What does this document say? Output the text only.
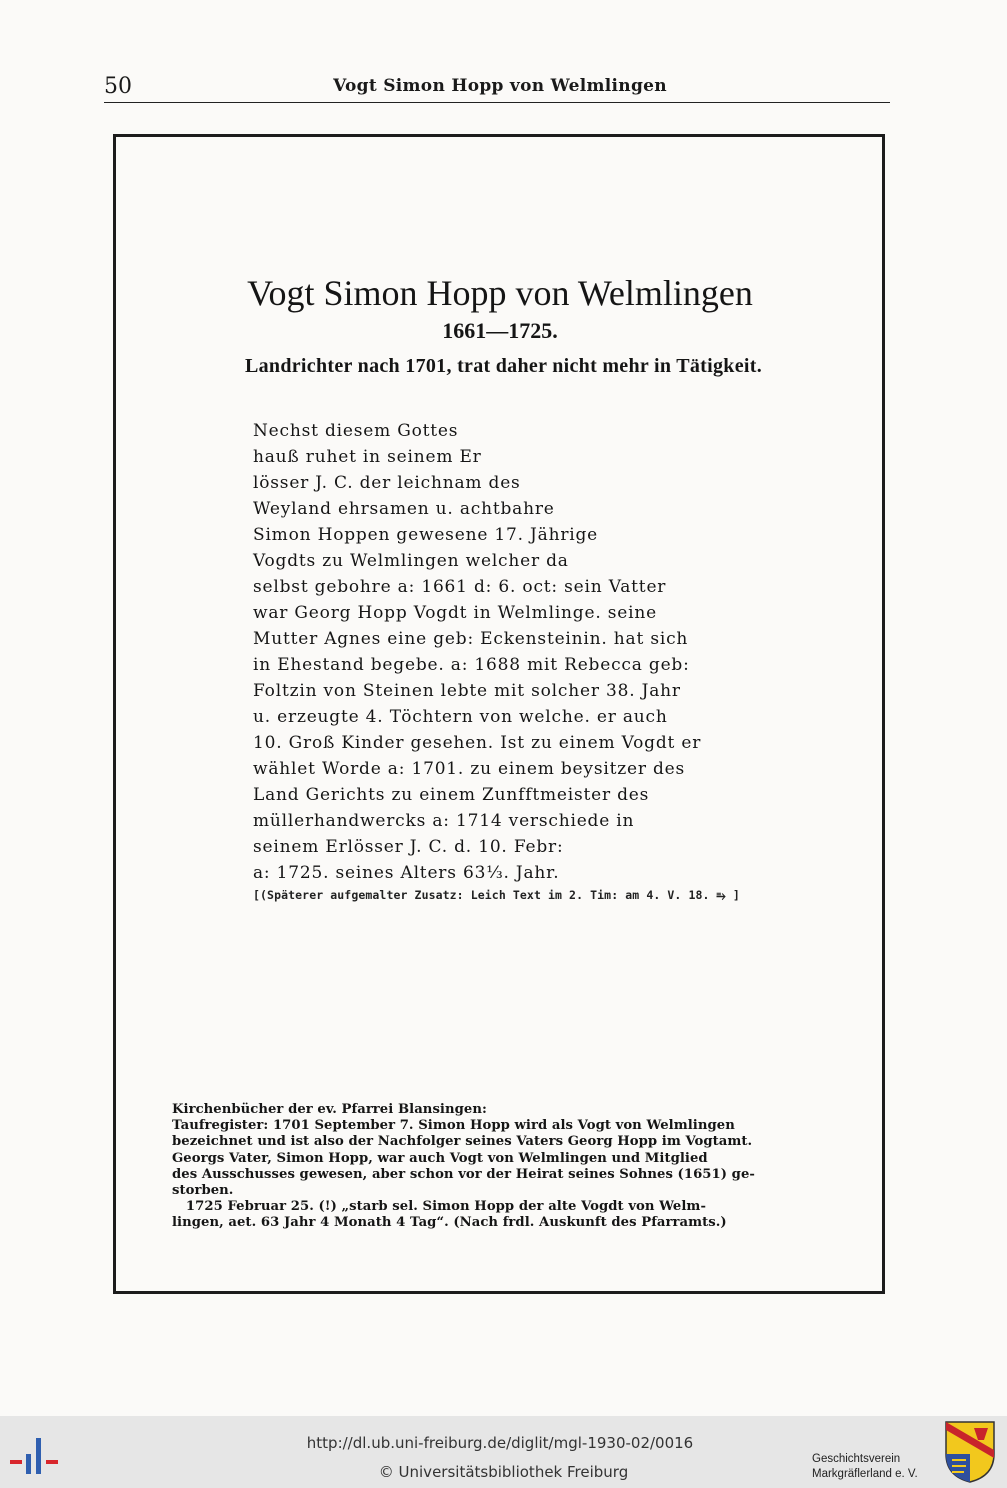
50	Vogt Simon Hopp von Welmlingen
Vogt Simon Hopp von Welmlingen
1661—1725.
Landrichter nach 1701, trat daher nicht mehr in Tätigkeit.
Nechst diesem Gottes
hauß ruhet in seinem Er
lösser J. C. der leichnam des
Weyland ehrsamen u. achtbahre
Simon Hoppen gewesene 17. Jährige
Vogdts zu Welmlingen welcher da
selbst gebohre a: 1661 d: 6. oct: sein Vatter
war Georg Hopp Vogdt in Welmlinge. seine
Mutter Agnes eine geb: Eckensteinin. hat sich
in Ehestand begebe. a: 1688 mit Rebecca geb:
Foltzin von Steinen lebte mit solcher 38. Jahr
u. erzeugte 4. Töchtern von welche. er auch
10. Groß Kinder gesehen. Ist zu einem Vogdt er
wählet Worde a: 1701. zu einem beysitzer des
Land Gerichts zu einem Zunfftmeister des
müllerhandwercks a: 1714 verschiede in
seinem Erlösser J. C. d. 10. Febr:
a: 1725. seines Alters 63⅓. Jahr.
[(Späterer aufgemalter Zusatz: Leich Text im 2. Tim: am 4. V. 18. ⥱ ]
Kirchenbücher der ev. Pfarrei Blansingen:
Taufregister: 1701 September 7. Simon Hopp wird als Vogt von Welmlingen
bezeichnet und ist also der Nachfolger seines Vaters Georg Hopp im Vogtamt.
Georgs Vater, Simon Hopp, war auch Vogt von Welmlingen und Mitglied
des Ausschusses gewesen, aber schon vor der Heirat seines Sohnes (1651) ge-
storben.
1725 Februar 25. (!) „starb sel. Simon Hopp der alte Vogdt von Welm-
lingen, aet. 63 Jahr 4 Monath 4 Tag“. (Nach frdl. Auskunft des Pfarramts.)
http://dl.ub.uni-freiburg.de/diglit/mgl-1930-02/0016
© Universitätsbibliothek Freiburg
Geschichtsverein
Markgräflerland e. V.
